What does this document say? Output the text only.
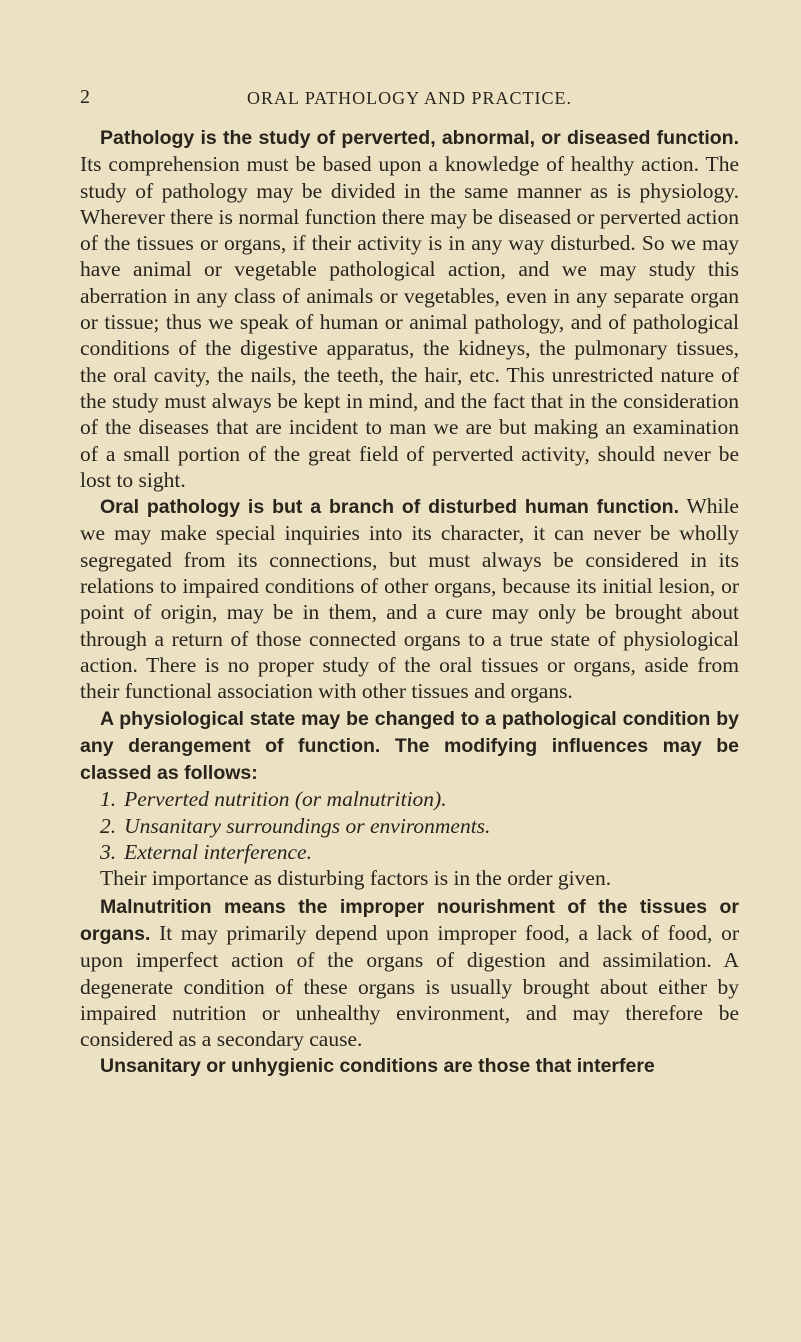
2	ORAL PATHOLOGY AND PRACTICE.

Pathology is the study of perverted, abnormal, or diseased function. Its comprehension must be based upon a knowledge of healthy action. The study of pathology may be divided in the same manner as is physiology. Wherever there is normal function there may be diseased or perverted action of the tissues or organs, if their activity is in any way disturbed. So we may have animal or vegetable pathological action, and we may study this aberration in any class of animals or vegetables, even in any separate organ or tissue; thus we speak of human or animal pathology, and of pathological conditions of the digestive apparatus, the kidneys, the pulmonary tissues, the oral cavity, the nails, the teeth, the hair, etc. This unrestricted nature of the study must always be kept in mind, and the fact that in the consideration of the diseases that are incident to man we are but making an examination of a small portion of the great field of perverted activity, should never be lost to sight.

Oral pathology is but a branch of disturbed human function. While we may make special inquiries into its character, it can never be wholly segregated from its connections, but must always be considered in its relations to impaired conditions of other organs, because its initial lesion, or point of origin, may be in them, and a cure may only be brought about through a return of those connected organs to a true state of physiological action. There is no proper study of the oral tissues or organs, aside from their functional association with other tissues and organs.

A physiological state may be changed to a pathological condition by any derangement of function. The modifying influences may be classed as follows:

1. Perverted nutrition (or malnutrition).

2. Unsanitary surroundings or environments.

3. External interference.

Their importance as disturbing factors is in the order given.

Malnutrition means the improper nourishment of the tissues or organs. It may primarily depend upon improper food, a lack of food, or upon imperfect action of the organs of digestion and assimilation. A degenerate condition of these organs is usually brought about either by impaired nutrition or unhealthy environment, and may therefore be considered as a secondary cause.

Unsanitary or unhygienic conditions are those that interfere
